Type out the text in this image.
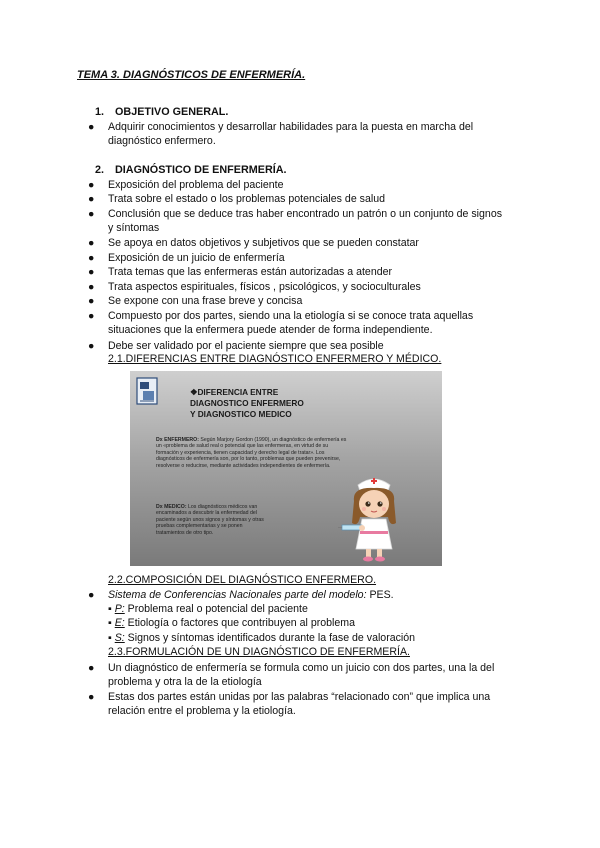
TEMA 3. DIAGNÓSTICOS DE ENFERMERÍA.
1. OBJETIVO GENERAL.
● Adquirir conocimientos y desarrollar habilidades para la puesta en marcha del
diagnóstico enfermero.
2. DIAGNÓSTICO DE ENFERMERÍA.
● Exposición del problema del paciente
● Trata sobre el estado o los problemas potenciales de salud
● Conclusión que se deduce tras haber encontrado un patrón o un conjunto de signos
y síntomas
● Se apoya en datos objetivos y subjetivos que se pueden constatar
● Exposición de un juicio de enfermería
● Trata temas que las enfermeras están autorizadas a atender
● Trata aspectos espirituales, físicos , psicológicos, y socioculturales
● Se expone con una frase breve y concisa
● Compuesto por dos partes, siendo una la etiología si se conoce trata aquellas
situaciones que la enfermera puede atender de forma independiente.
● Debe ser validado por el paciente siempre que sea posible
2.1.DIFERENCIAS ENTRE DIAGNÓSTICO ENFERMERO Y MÉDICO.
❖DIFERENCIA ENTRE
DIAGNOSTICO ENFERMERO
Y DIAGNOSTICO MEDICO
Dx ENFERMERO: Según Marjory Gordon (1990), un diagnóstico de enfermería es un «problema de salud real o potencial que las enfermeras, en virtud de su formación y experiencia, tienen capacidad y derecho legal de tratar». Los diagnósticos de enfermería son, por lo tanto, problemas que pueden prevenirse, resolverse o reducirse, mediante actividades independientes de enfermería.
Dx MEDICO: Los diagnósticos médicos van encaminados a descubrir la enfermedad del paciente según unos signos y síntomas y otras pruebas complementarias y se ponen tratamientos de otro tipo.
2.2.COMPOSICIÓN DEL DIAGNÓSTICO ENFERMERO.
● Sistema de Conferencias Nacionales parte del modelo: PES.
▪ P: Problema real o potencial del paciente
▪ E: Etiología o factores que contribuyen al problema
▪ S: Signos y síntomas identificados durante la fase de valoración
2.3.FORMULACIÓN DE UN DIAGNÓSTICO DE ENFERMERÍA.
● Un diagnóstico de enfermería se formula como un juicio con dos partes, una la del
problema y otra la de la etiología
● Estas dos partes están unidas por las palabras “relacionado con” que implica una
relación entre el problema y la etiología.
